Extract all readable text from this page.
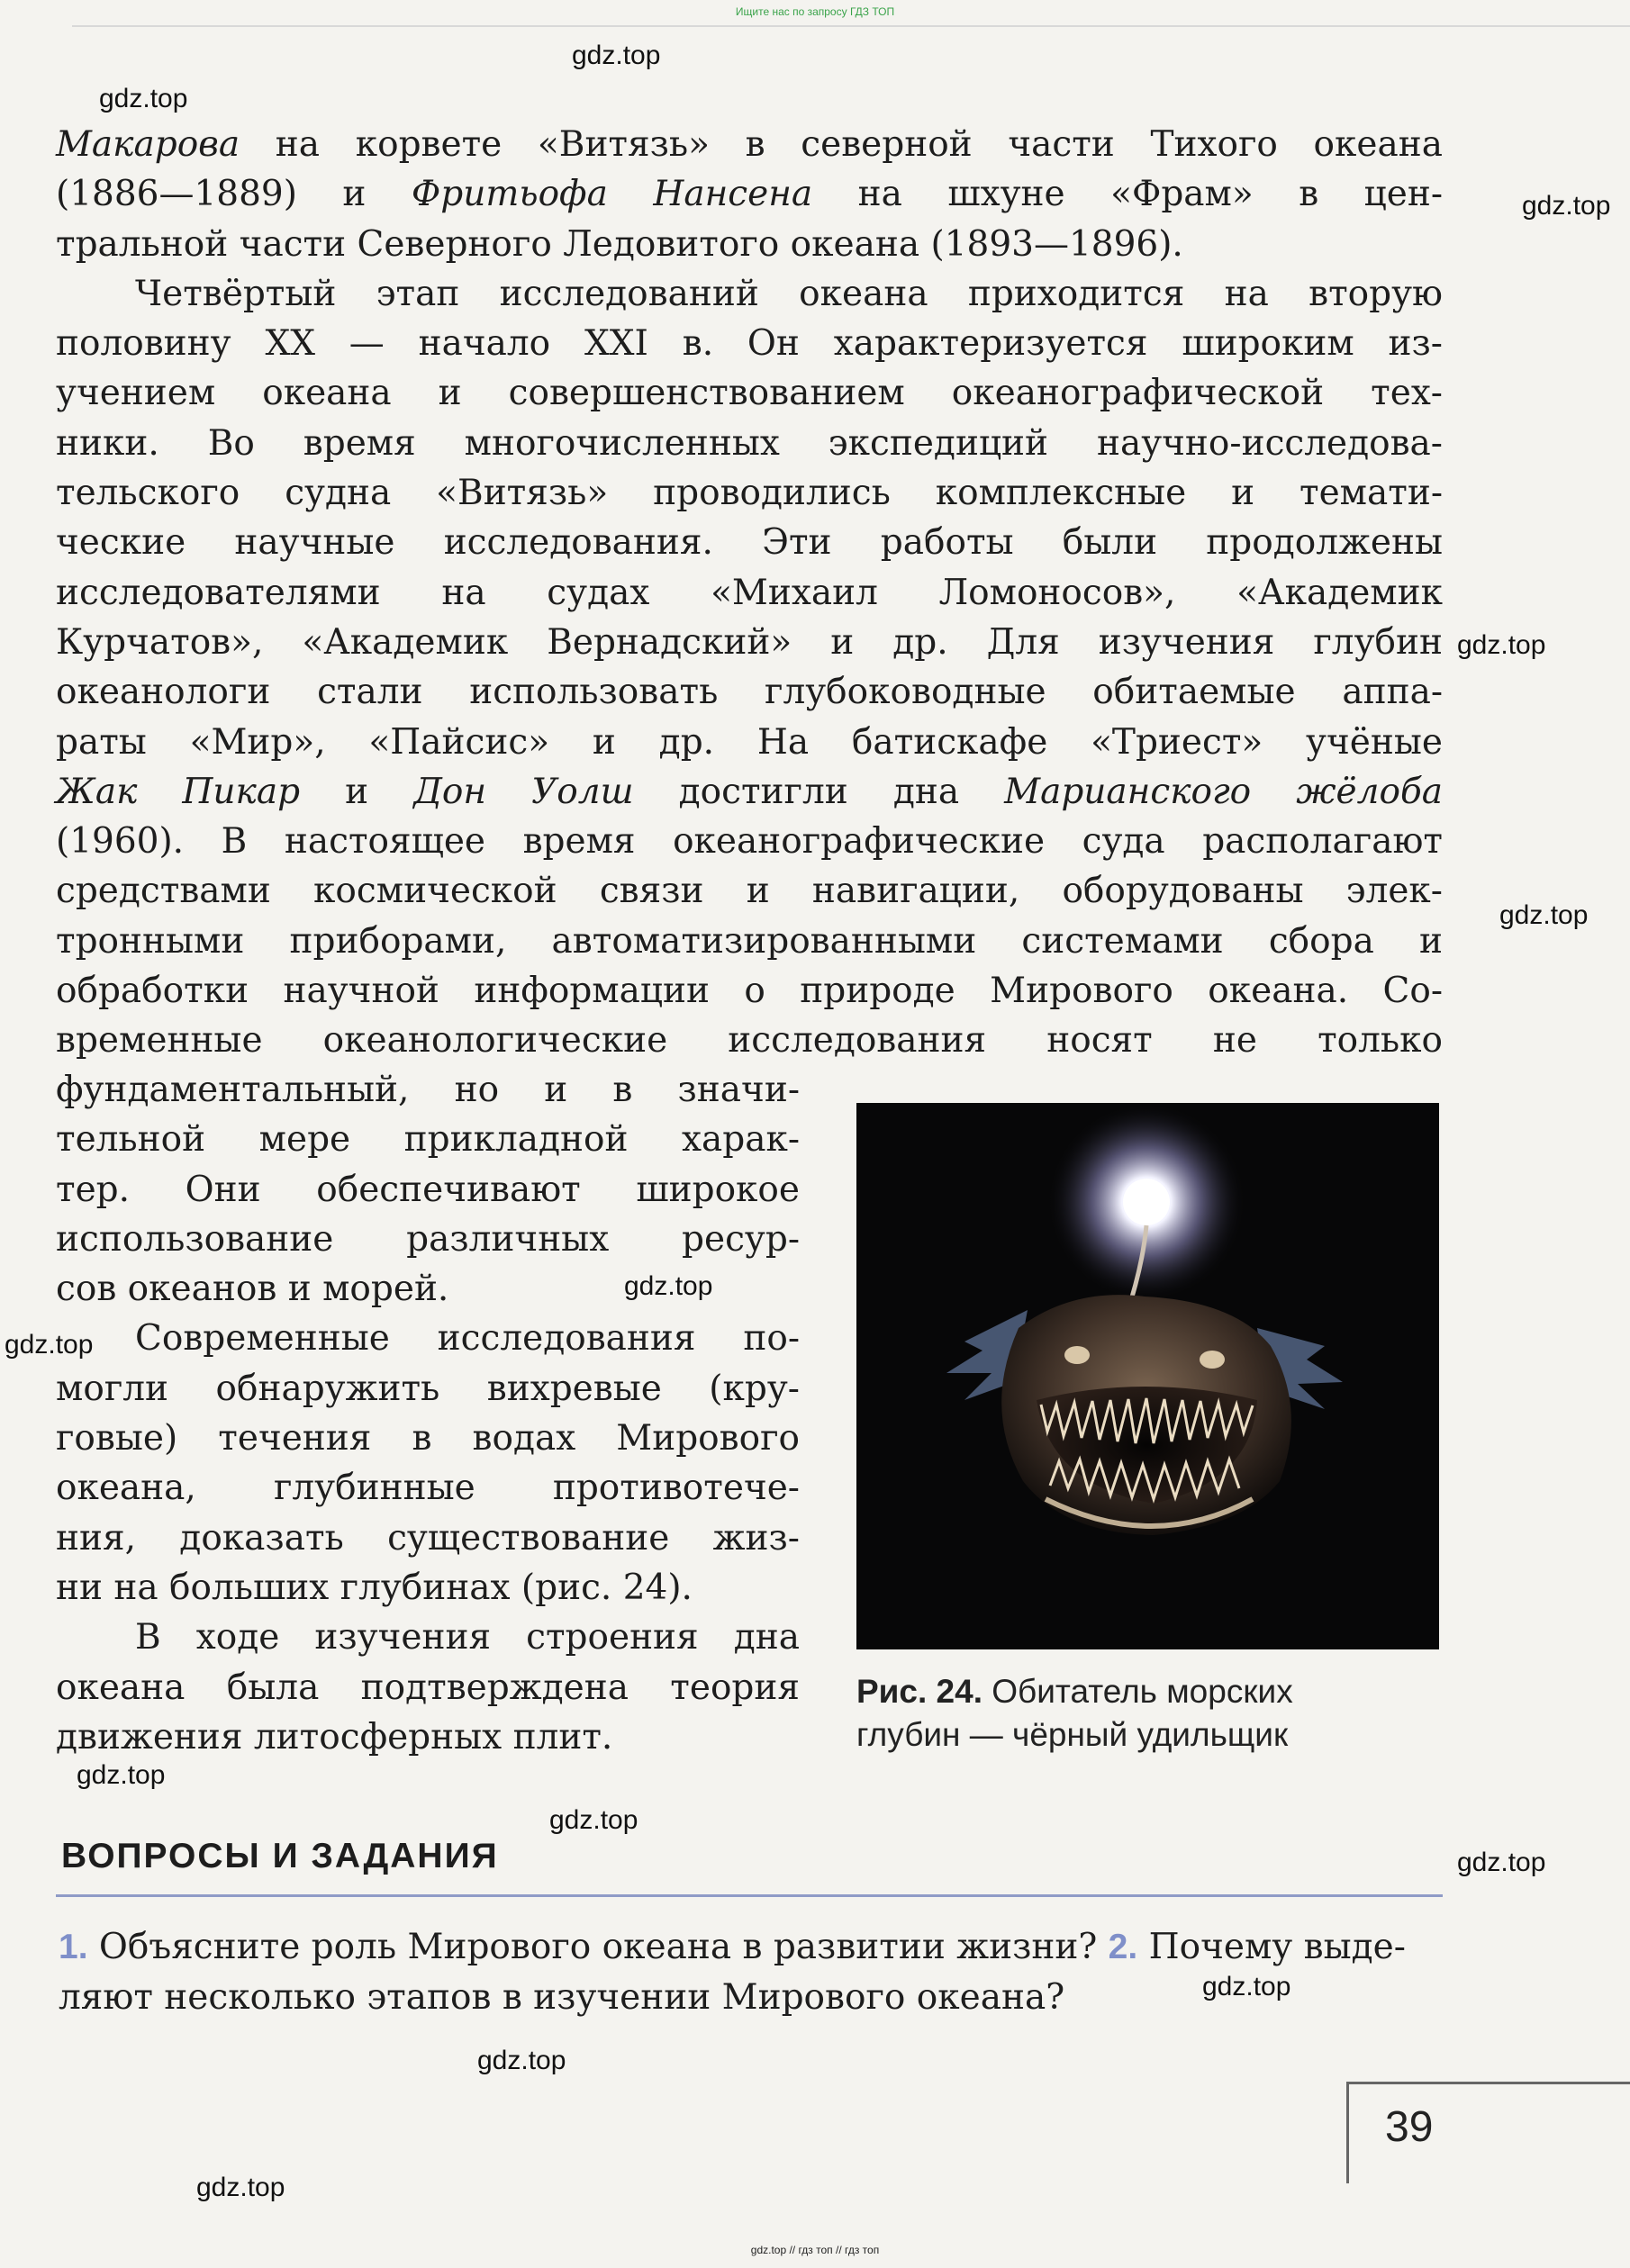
Ищите нас по запросу ГДЗ ТОП
gdz.top
gdz.top
gdz.top
gdz.top
gdz.top
gdz.top
gdz.top
gdz.top
gdz.top
gdz.top
gdz.top
gdz.top
gdz.top
Макарова на корвете «Витязь» в северной части Тихого океана
(1886—1889) и Фритьофа Нансена на шхуне «Фрам» в цен-
тральной части Северного Ледовитого океана (1893—1896).
Четвёртый этап исследований океана приходится на вторую
половину XX — начало XXI в. Он характеризуется широким из-
учением океана и совершенствованием океанографической тех-
ники. Во время многочисленных экспедиций научно-исследова-
тельского судна «Витязь» проводились комплексные и темати-
ческие научные исследования. Эти работы были продолжены
исследователями на судах «Михаил Ломоносов», «Академик
Курчатов», «Академик Вернадский» и др. Для изучения глубин
океанологи стали использовать глубоководные обитаемые аппа-
раты «Мир», «Пайсис» и др. На батискафе «Триест» учёные
Жак Пикар и Дон Уолш достигли дна Марианского жёлоба
(1960). В настоящее время океанографические суда располагают
средствами космической связи и навигации, оборудованы элек-
тронными приборами, автоматизированными системами сбора и
обработки научной информации о природе Мирового океана. Со-
временные океанологические исследования носят не только
фундаментальный, но и в значи-
тельной мере прикладной харак-
тер. Они обеспечивают широкое
использование различных ресур-
сов океанов и морей.
Современные исследования по-
могли обнаружить вихревые (кру-
говые) течения в водах Мирового
океана, глубинные противотече-
ния, доказать существование жиз-
ни на больших глубинах (рис. 24).
В ходе изучения строения дна
океана была подтверждена теория
движения литосферных плит.
Рис. 24. Обитатель морских
глубин — чёрный удильщик
ВОПРОСЫ И ЗАДАНИЯ
1. Объясните роль Мирового океана в развитии жизни? 2. Почему выде-
ляют несколько этапов в изучении Мирового океана?
39
gdz.top // гдз топ // гдз топ
